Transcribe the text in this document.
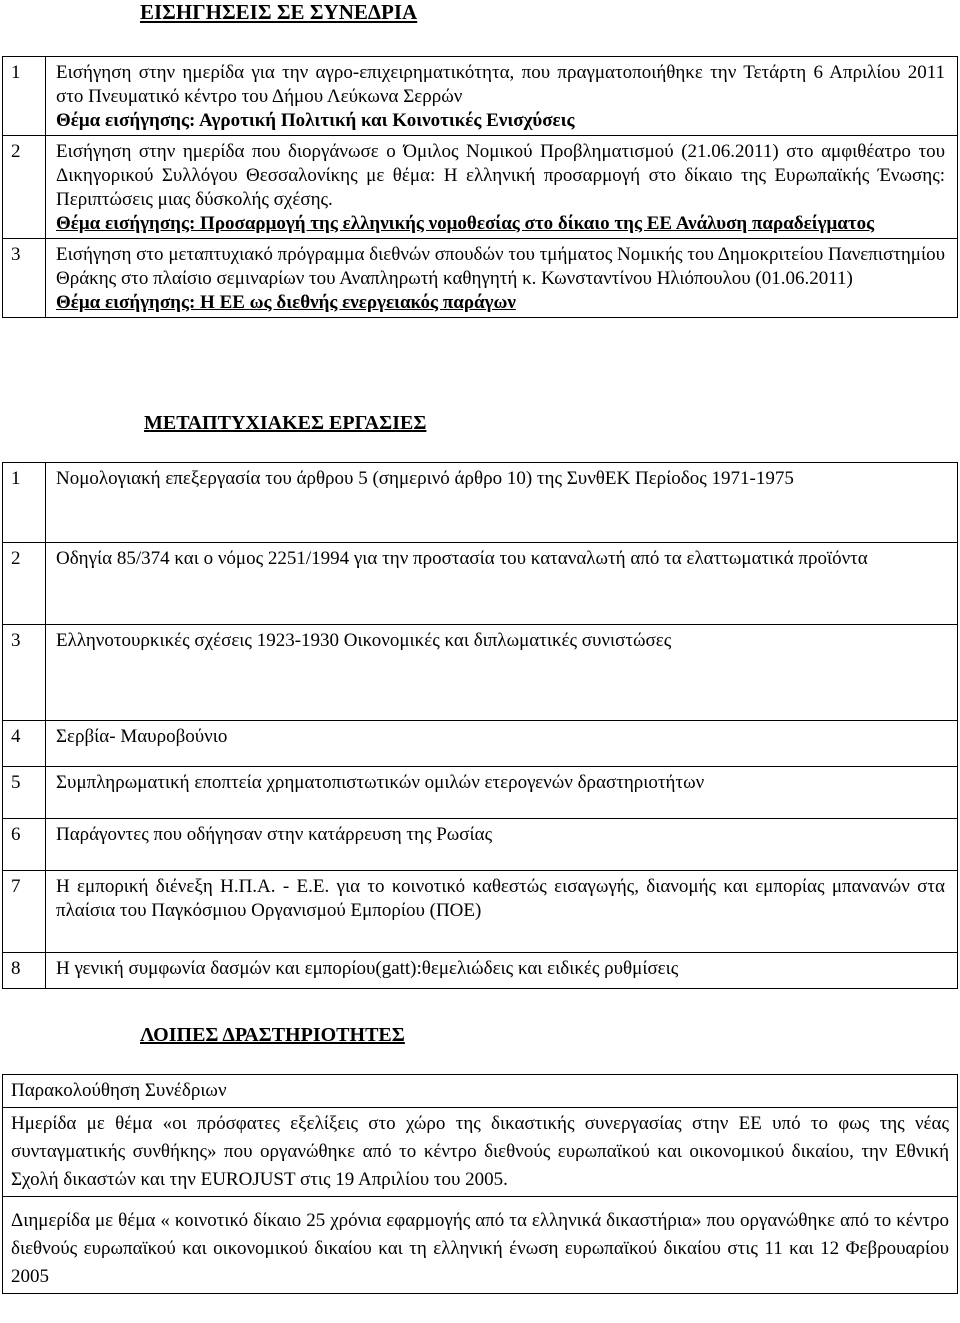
ΕΙΣΗΓΗΣΕΙΣ ΣΕ ΣΥΝΕΔΡΙΑ
1	Εισήγηση στην ημερίδα για την αγρο-επιχειρηματικότητα, που πραγματοποιήθηκε την Τετάρτη 6 Απριλίου 2011 στο Πνευματικό κέντρο του Δήμου Λεύκωνα Σερρών
Θέμα εισήγησης: Αγροτική Πολιτική και Κοινοτικές Ενισχύσεις

2	Εισήγηση στην ημερίδα που διοργάνωσε ο Όμιλος Νομικού Προβληματισμού (21.06.2011) στο αμφιθέατρο του Δικηγορικού Συλλόγου Θεσσαλονίκης με θέμα: Η ελληνική προσαρμογή στο δίκαιο της Ευρωπαϊκής Ένωσης: Περιπτώσεις μιας δύσκολής σχέσης.
Θέμα εισήγησης: Προσαρμογή της ελληνικής νομοθεσίας στο δίκαιο της ΕΕ Ανάλυση παραδείγματος

3	Εισήγηση στο μεταπτυχιακό πρόγραμμα διεθνών σπουδών του τμήματος Νομικής του Δημοκριτείου Πανεπιστημίου Θράκης στο πλαίσιο σεμιναρίων του Αναπληρωτή καθηγητή κ. Κωνσταντίνου Ηλιόπουλου (01.06.2011)
Θέμα εισήγησης: Η ΕΕ ως διεθνής ενεργειακός παράγων
ΜΕΤΑΠΤΥΧΙΑΚΕΣ ΕΡΓΑΣΙΕΣ
1	Νομολογιακή επεξεργασία του άρθρου 5 (σημερινό άρθρο 10) της ΣυνθΕΚ Περίοδος 1971-1975
2	Οδηγία 85/374 και ο νόμος 2251/1994 για την προστασία του καταναλωτή από τα ελαττωματικά προϊόντα
3	Ελληνοτουρκικές σχέσεις 1923-1930 Οικονομικές και διπλωματικές συνιστώσες
4	Σερβία- Μαυροβούνιο
5	Συμπληρωματική εποπτεία χρηματοπιστωτικών ομιλών ετερογενών δραστηριοτήτων
6	Παράγοντες που οδήγησαν στην κατάρρευση της Ρωσίας
7	Η εμπορική διένεξη Η.Π.Α. - Ε.Ε. για το κοινοτικό καθεστώς εισαγωγής, διανομής και εμπορίας μπανανών στα πλαίσια του Παγκόσμιου Οργανισμού Εμπορίου (ΠΟΕ)
8	Η γενική συμφωνία δασμών και εμπορίου(gatt):θεμελιώδεις και ειδικές ρυθμίσεις
ΛΟΙΠΕΣ ΔΡΑΣΤΗΡΙΟΤΗΤΕΣ
Παρακολούθηση Συνέδριων
Ημερίδα με θέμα «οι πρόσφατες εξελίξεις στο χώρο της δικαστικής συνεργασίας στην ΕΕ υπό το φως της νέας συνταγματικής συνθήκης» που οργανώθηκε από το κέντρο διεθνούς ευρωπαϊκού και οικονομικού δικαίου, την Εθνική Σχολή δικαστών και την EUROJUST στις 19 Απριλίου του 2005.
Διημερίδα με θέμα « κοινοτικό δίκαιο 25 χρόνια εφαρμογής από τα ελληνικά δικαστήρια» που οργανώθηκε από το κέντρο διεθνούς ευρωπαϊκού και οικονομικού δικαίου και τη ελληνική ένωση ευρωπαϊκού δικαίου στις 11 και 12 Φεβρουαρίου 2005
